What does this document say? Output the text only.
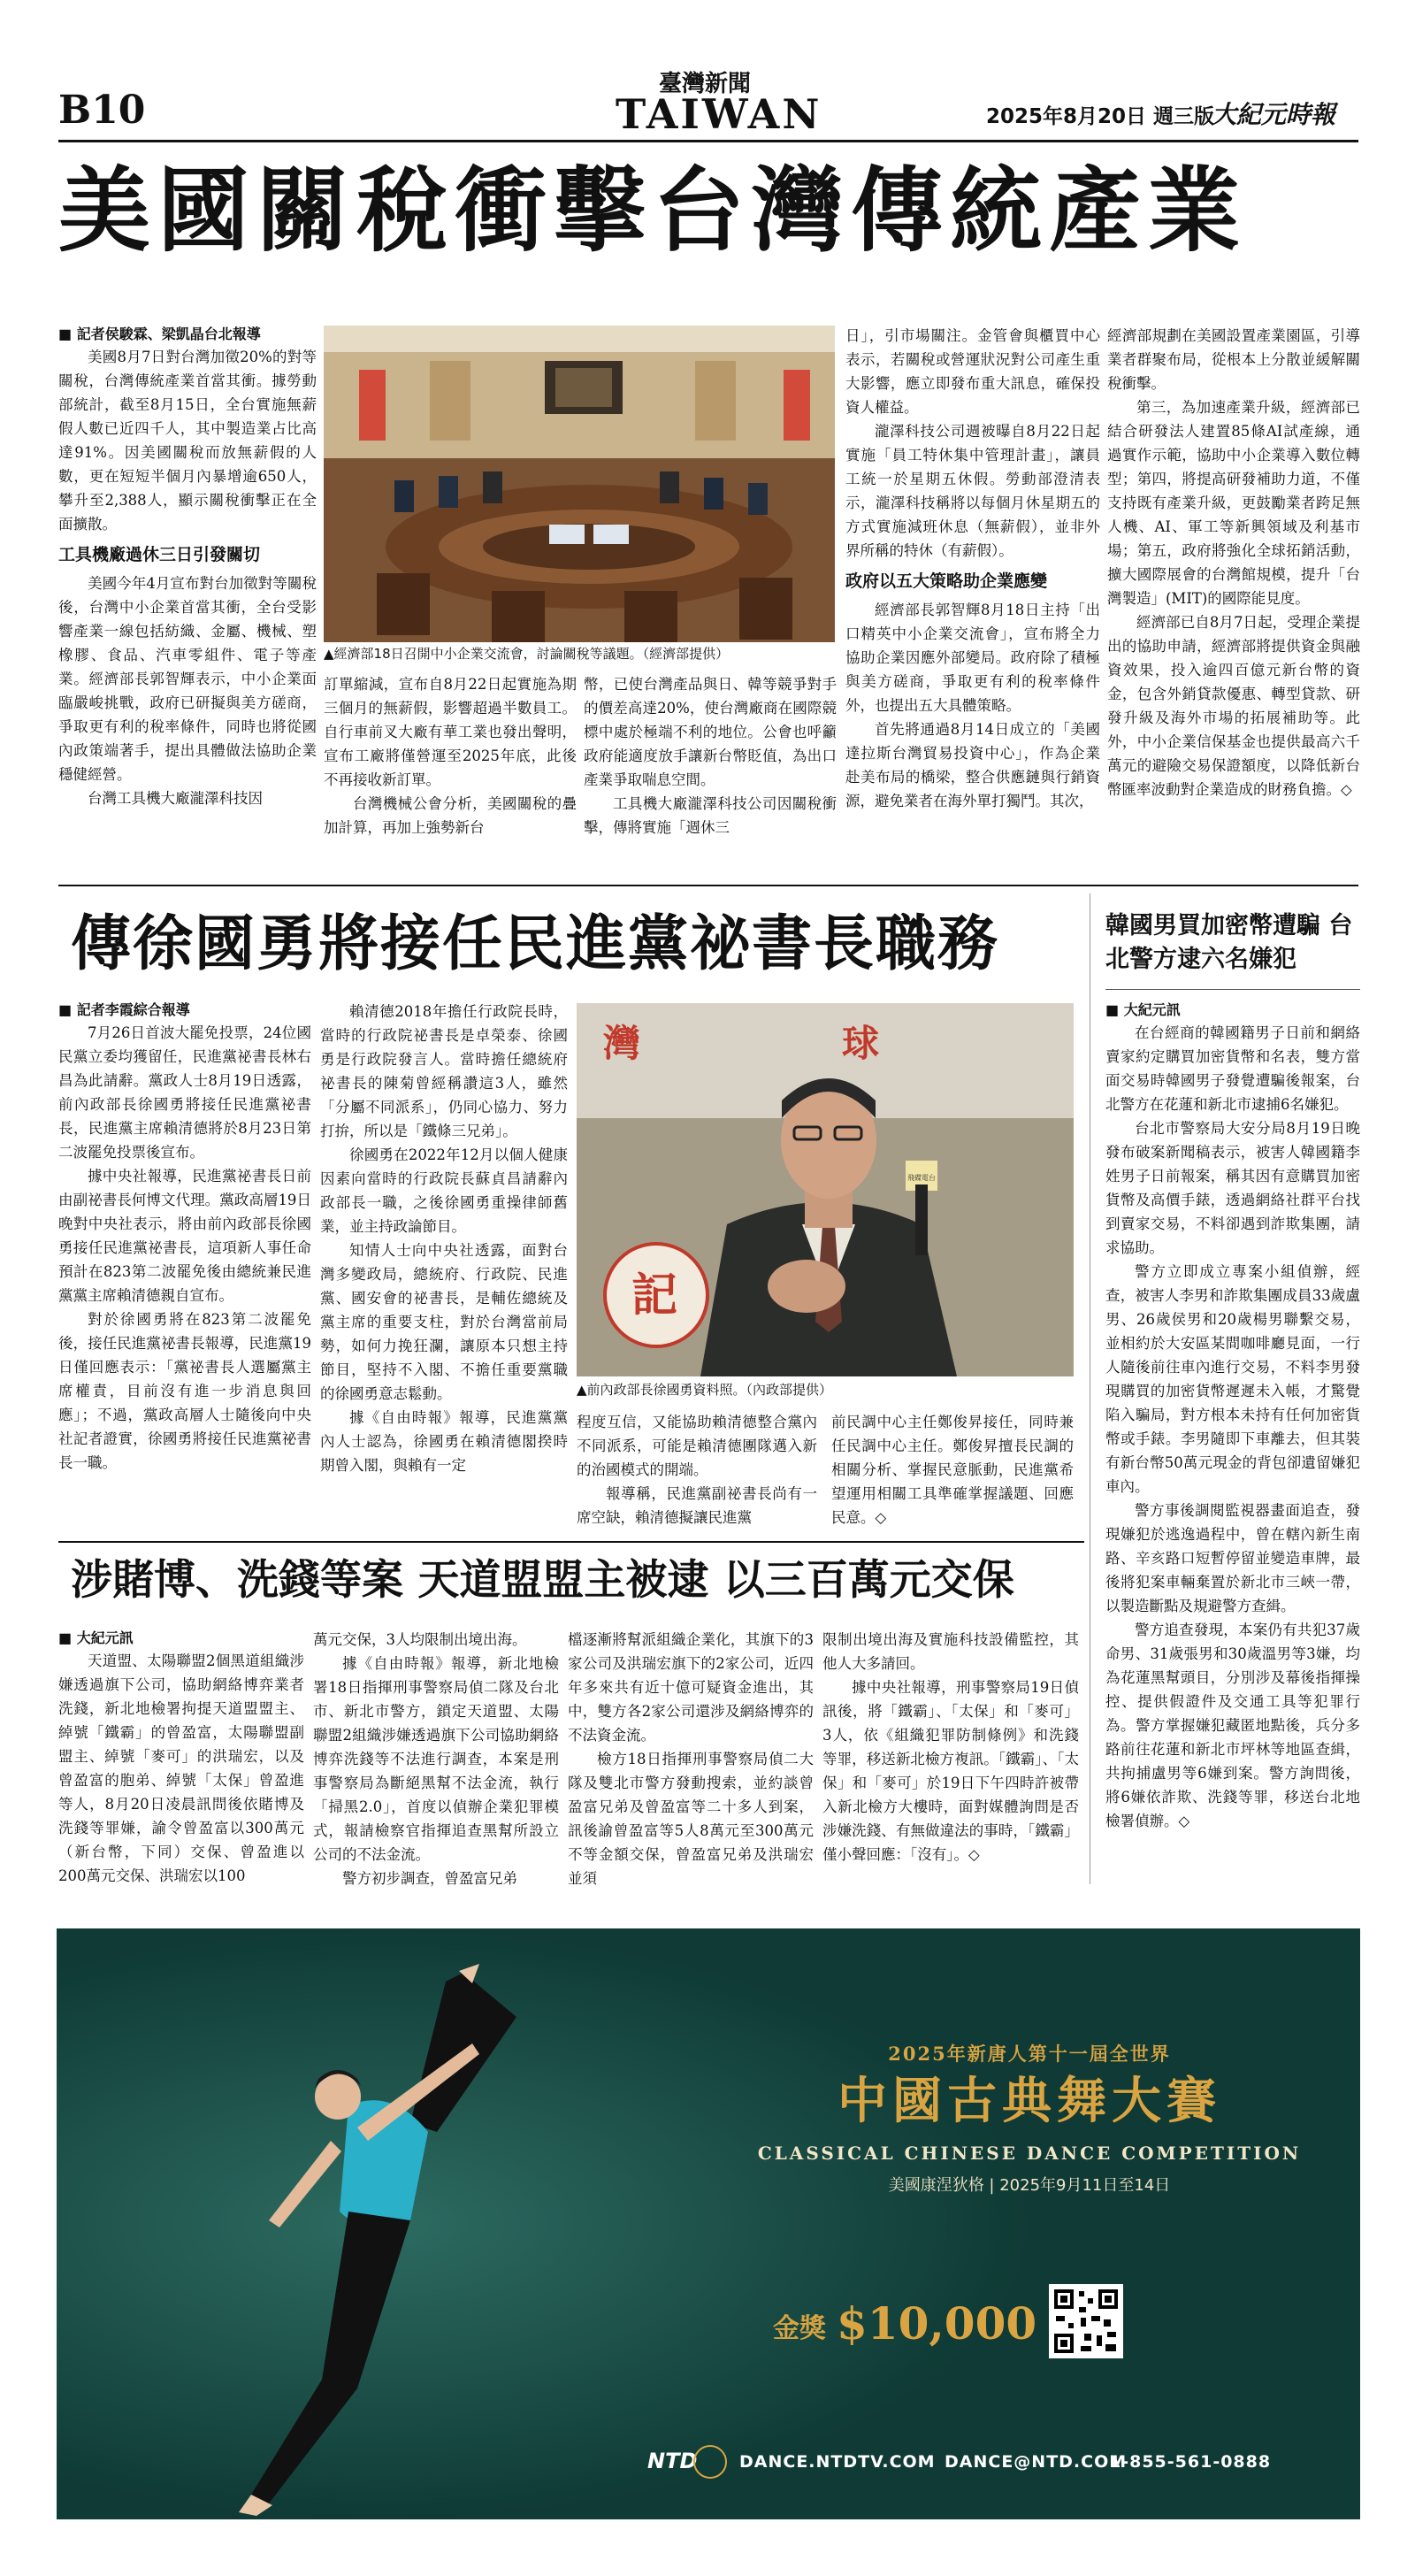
B10
臺灣新聞
TAIWAN	2025年8月20日 週三版
大紀元時報
美國關稅衝擊台灣傳統產業
■ 記者侯駿霖、梁凱晶台北報導

美國8月7日對台灣加徵20%的對等關稅，台灣傳統產業首當其衝。據勞動部統計，截至8月15日，全台實施無薪假人數已近四千人，其中製造業占比高達91%。因美國關稅而放無薪假的人數，更在短短半個月內暴增逾650人，攀升至2,388人，顯示關稅衝擊正在全面擴散。

工具機廠過休三日引發關切

美國今年4月宣布對台加徵對等關稅後，台灣中小企業首當其衝，全台受影響產業一線包括紡織、金屬、機械、塑橡膠、食品、汽車零組件、電子等產業。經濟部長郭智輝表示，中小企業面臨嚴峻挑戰，政府已研擬與美方磋商，爭取更有利的稅率條件，同時也將從國內政策端著手，提出具體做法協助企業穩健經營。

台灣工具機大廠瀧澤科技因

▲經濟部18日召開中小企業交流會，討論關稅等議題。（經濟部提供）

訂單縮減，宣布自8月22日起實施為期三個月的無薪假，影響超過半數員工。自行車前叉大廠有華工業也發出聲明，宣布工廠將僅營運至2025年底，此後不再接收新訂單。

台灣機械公會分析，美國關稅的疊加計算，再加上強勢新台

幣，已使台灣產品與日、韓等競爭對手的價差高達20%，使台灣廠商在國際競標中處於極端不利的地位。公會也呼籲政府能適度放手讓新台幣貶值，為出口產業爭取喘息空間。

工具機大廠瀧澤科技公司因關稅衝擊，傳將實施「週休三

日」，引市場關注。金管會與櫃買中心表示，若關稅或營運狀況對公司產生重大影響，應立即發布重大訊息，確保投資人權益。

瀧澤科技公司週被曝自8月22日起實施「員工特休集中管理計畫」，讓員工統一於星期五休假。勞動部澄清表示，瀧澤科技稱將以每個月休星期五的方式實施減班休息（無薪假），並非外界所稱的特休（有薪假）。

政府以五大策略助企業應變

經濟部長郭智輝8月18日主持「出口精英中小企業交流會」，宣布將全力協助企業因應外部變局。政府除了積極與美方磋商，爭取更有利的稅率條件外，也提出五大具體策略。

首先將通過8月14日成立的「美國達拉斯台灣貿易投資中心」，作為企業赴美布局的橋梁，整合供應鏈與行銷資源，避免業者在海外單打獨鬥。其次，

經濟部規劃在美國設置產業園區，引導業者群聚布局，從根本上分散並緩解關稅衝擊。

第三，為加速產業升級，經濟部已結合研發法人建置85條AI試產線，通過實作示範，協助中小企業導入數位轉型；第四，將提高研發補助力道，不僅支持既有產業升級，更鼓勵業者跨足無人機、AI、軍工等新興領域及利基市場；第五，政府將強化全球拓銷活動，擴大國際展會的台灣館規模，提升「台灣製造」(MIT)的國際能見度。

經濟部已自8月7日起，受理企業提出的協助申請，經濟部將提供資金與融資效果，投入逾四百億元新台幣的資金，包含外銷貸款優惠、轉型貸款、研發升級及海外市場的拓展補助等。此外，中小企業信保基金也提供最高六千萬元的避險交易保證額度，以降低新台幣匯率波動對企業造成的財務負擔。◇

傳徐國勇將接任民進黨祕書長職務
■ 記者李霞綜合報導

7月26日首波大罷免投票，24位國民黨立委均獲留任，民進黨祕書長林右昌為此請辭。黨政人士8月19日透露，前內政部長徐國勇將接任民進黨祕書長，民進黨主席賴清德將於8月23日第二波罷免投票後宣布。

據中央社報導，民進黨祕書長日前由副祕書長何博文代理。黨政高層19日晚對中央社表示，將由前內政部長徐國勇接任民進黨祕書長，這項新人事任命預計在823第二波罷免後由總統兼民進黨黨主席賴清德親自宣布。

對於徐國勇將在823第二波罷免後，接任民進黨祕書長報導，民進黨19日僅回應表示：「黨祕書長人選屬黨主席權責，目前沒有進一步消息與回應」；不過，黨政高層人士隨後向中央社記者證實，徐國勇將接任民進黨祕書長一職。

賴清德2018年擔任行政院長時，當時的行政院祕書長是卓榮泰、徐國勇是行政院發言人。當時擔任總統府祕書長的陳菊曾經稱讚這3人，雖然「分屬不同派系」，仍同心協力、努力打拚，所以是「鐵條三兄弟」。

徐國勇在2022年12月以個人健康因素向當時的行政院長蘇貞昌請辭內政部長一職，之後徐國勇重操律師舊業，並主持政論節目。

知情人士向中央社透露，面對台灣多變政局，總統府、行政院、民進黨、國安會的祕書長，是輔佐總統及黨主席的重要支柱，對於台灣當前局勢，如何力挽狂瀾，讓原本只想主持節目，堅持不入閣、不擔任重要黨職的徐國勇意志鬆動。

據《自由時報》報導，民進黨黨內人士認為，徐國勇在賴清德閣揆時期曾入閣，與賴有一定

灣	球
記
飛碟電台
▲前內政部長徐國勇資料照。（內政部提供）

程度互信，又能協助賴清德整合黨內不同派系，可能是賴清德團隊邁入新的治國模式的開端。

報導稱，民進黨副祕書長尚有一席空缺，賴清德擬讓民進黨

前民調中心主任鄭俊昇接任，同時兼任民調中心主任。鄭俊昇擅長民調的相關分析、掌握民意脈動，民進黨希望運用相關工具準確掌握議題、回應民意。◇

韓國男買加密幣遭騙 台北警方逮六名嫌犯
■ 大紀元訊

在台經商的韓國籍男子日前和網絡賣家約定購買加密貨幣和名表，雙方當面交易時韓國男子發覺遭騙後報案，台北警方在花蓮和新北市逮捕6名嫌犯。

台北市警察局大安分局8月19日晚發布破案新聞稿表示，被害人韓國籍李姓男子日前報案，稱其因有意購買加密貨幣及高價手錶，透過網絡社群平台找到賣家交易，不料卻遇到詐欺集團，請求協助。

警方立即成立專案小組偵辦，經查，被害人李男和詐欺集團成員33歲盧男、26歲侯男和20歲楊男聯繫交易，並相約於大安區某間咖啡廳見面，一行人隨後前往車內進行交易，不料李男發現購買的加密貨幣遲遲未入帳，才驚覺陷入騙局，對方根本未持有任何加密貨幣或手錶。李男隨即下車離去，但其裝有新台幣50萬元現金的背包卻遺留嫌犯車內。

警方事後調閱監視器畫面追查，發現嫌犯於逃逸過程中，曾在轄內新生南路、辛亥路口短暫停留並變造車牌，最後將犯案車輛棄置於新北市三峽一帶，以製造斷點及規避警方查緝。

警方追查發現，本案仍有共犯37歲命男、31歲張男和30歲溫男等3嫌，均為花蓮黑幫頭目，分別涉及幕後指揮操控、提供假證件及交通工具等犯罪行為。警方掌握嫌犯藏匿地點後，兵分多路前往花蓮和新北市坪林等地區查緝，共拘捕盧男等6嫌到案。警方詢問後，將6嫌依詐欺、洗錢等罪，移送台北地檢署偵辦。◇

涉賭博、洗錢等案 天道盟盟主被逮 以三百萬元交保
■ 大紀元訊

天道盟、太陽聯盟2個黑道組織涉嫌透過旗下公司，協助網絡博弈業者洗錢，新北地檢署拘提天道盟盟主、綽號「鐵霸」的曾盈富，太陽聯盟副盟主、綽號「麥可」的洪瑞宏，以及曾盈富的胞弟、綽號「太保」曾盈進等人，8月20日凌晨訊問後依賭博及洗錢等罪嫌，諭令曾盈富以300萬元（新台幣，下同）交保、曾盈進以200萬元交保、洪瑞宏以100

萬元交保，3人均限制出境出海。

據《自由時報》報導，新北地檢署18日指揮刑事警察局偵二隊及台北市、新北市警方，鎖定天道盟、太陽聯盟2組織涉嫌透過旗下公司協助網絡博弈洗錢等不法進行調查，本案是刑事警察局為斷絕黑幫不法金流，執行「掃黑2.0」，首度以偵辦企業犯罪模式，報請檢察官指揮追查黑幫所設立公司的不法金流。

警方初步調查，曾盈富兄弟

檔逐漸將幫派組織企業化，其旗下的3家公司及洪瑞宏旗下的2家公司，近四年多來共有近十億可疑資金進出，其中，雙方各2家公司還涉及網絡博弈的不法資金流。

檢方18日指揮刑事警察局偵二大隊及雙北市警方發動搜索，並約談曾盈富兄弟及曾盈富等二十多人到案，訊後諭曾盈富等5人8萬元至300萬元不等金額交保，曾盈富兄弟及洪瑞宏並須

限制出境出海及實施科技設備監控，其他人大多請回。

據中央社報導，刑事警察局19日偵訊後，將「鐵霸」、「太保」和「麥可」3人，依《組織犯罪防制條例》和洗錢等罪，移送新北檢方複訊。「鐵霸」、「太保」和「麥可」於19日下午四時許被帶入新北檢方大樓時，面對媒體詢問是否涉嫌洗錢、有無做違法的事時，「鐵霸」僅小聲回應：「沒有」。◇

2025年新唐人第十一屆全世界
中國古典舞大賽
CLASSICAL CHINESE DANCE COMPETITION
美國康涅狄格 | 2025年9月11日至14日
金獎 $10,000
NTD	DANCE.NTDTV.COM DANCE@NTD.COM
1-855-561-0888
